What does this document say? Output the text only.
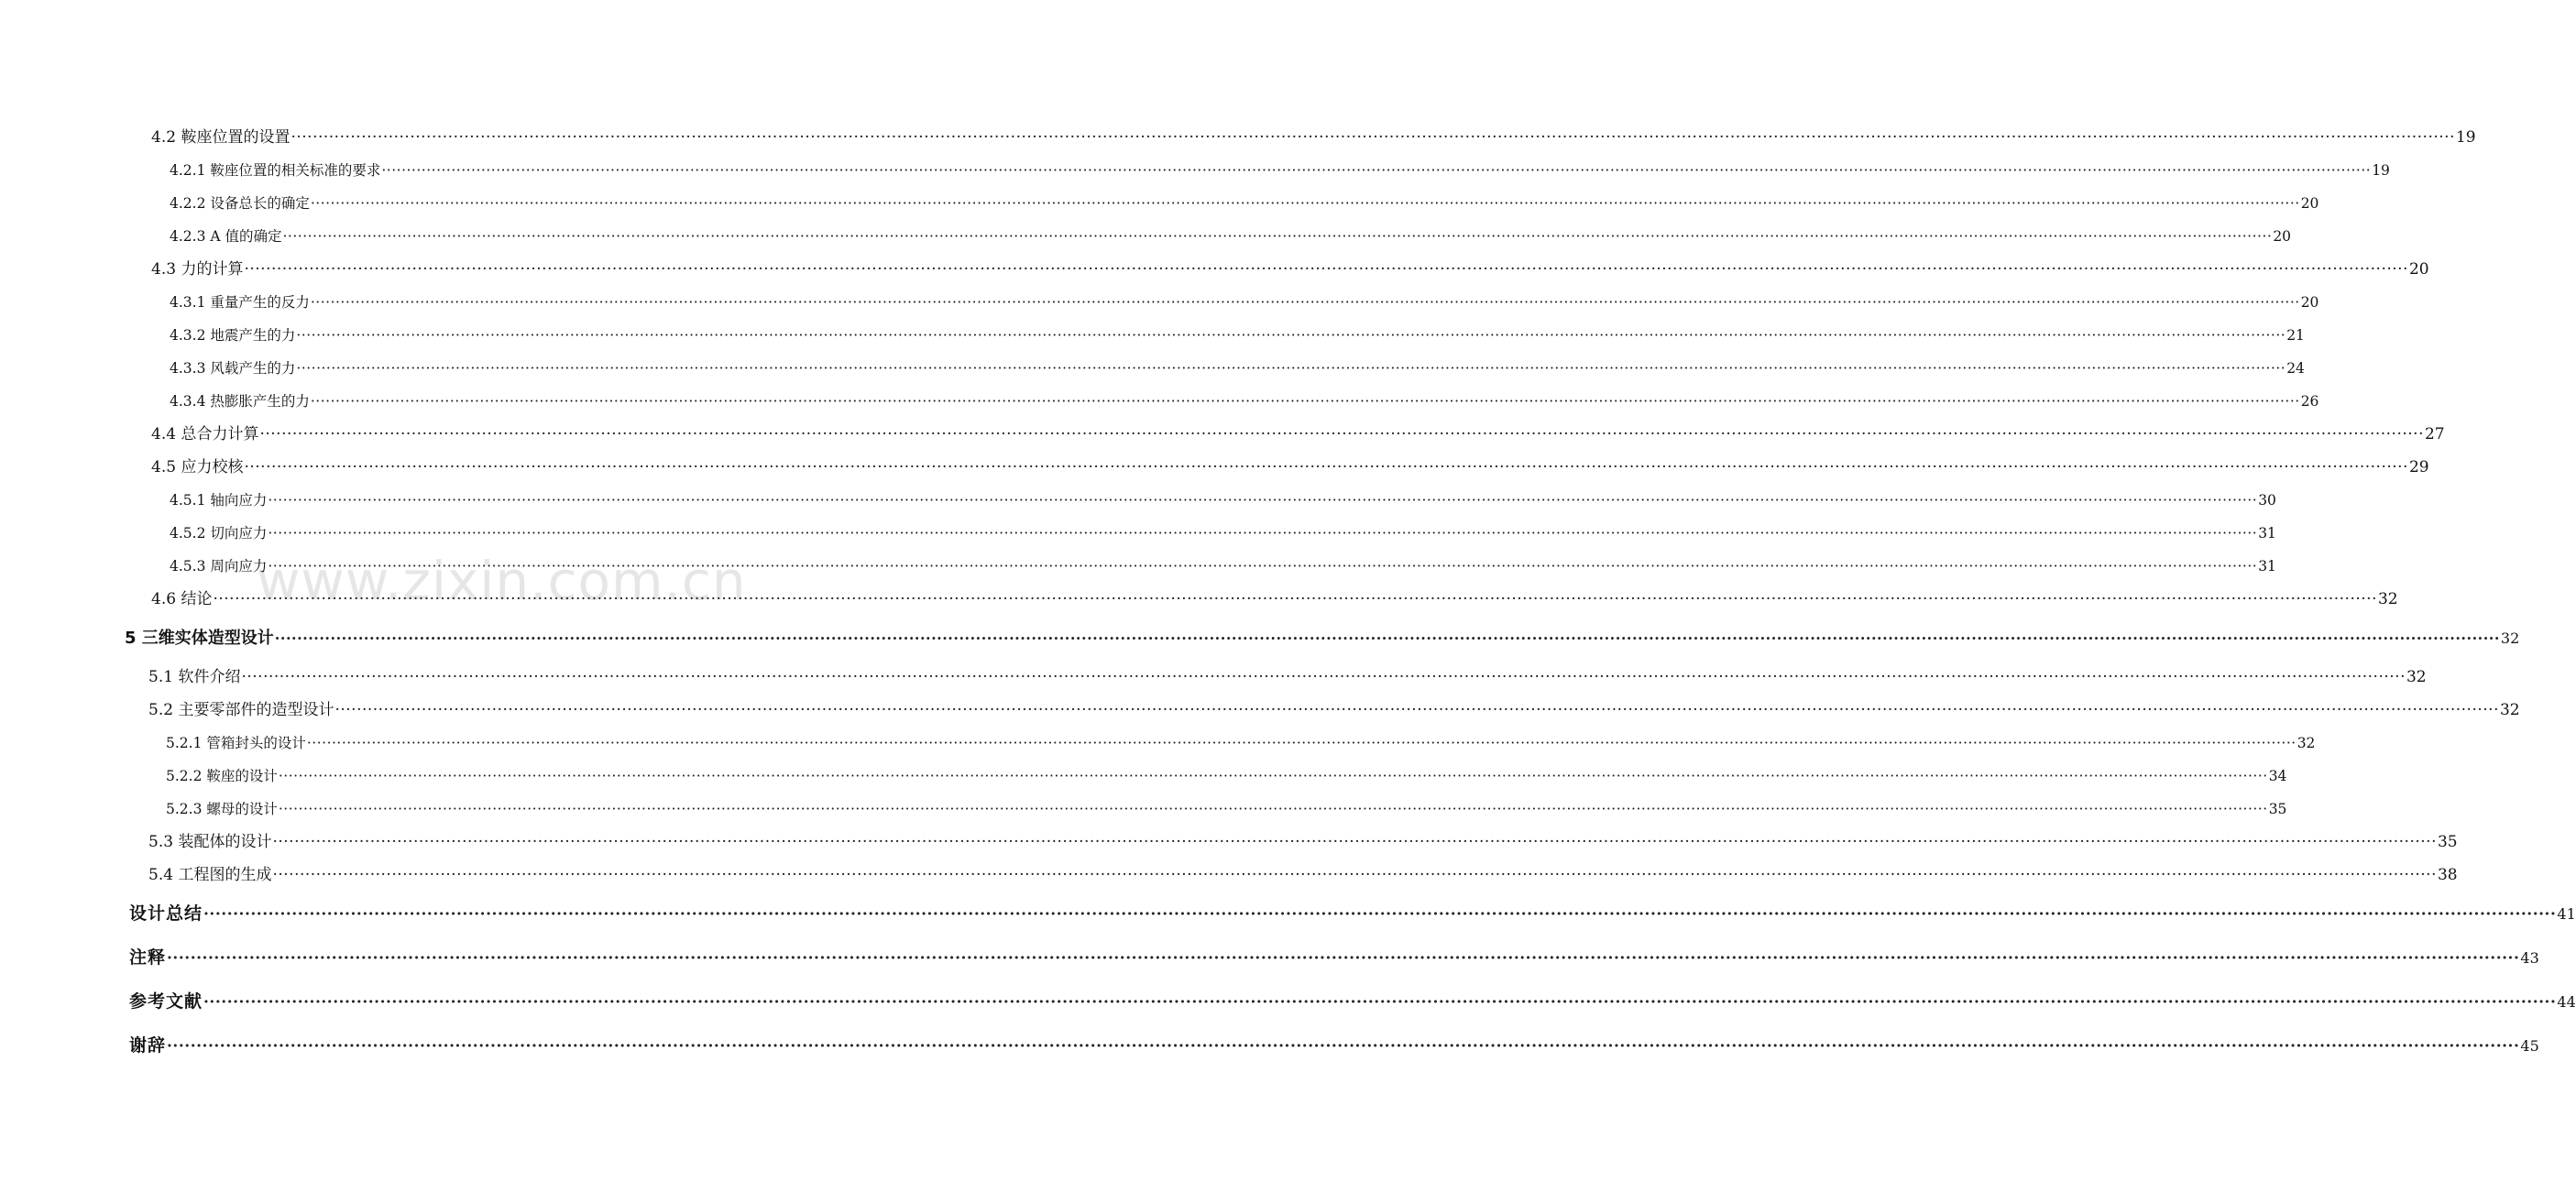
www.zixin.com.cn
4.2 鞍座位置的设置 ················································································································································································································································································································································································································ 19
4.2.1 鞍座位置的相关标准的要求 ················································································································································································································································································································································································································ 19
4.2.2 设备总长的确定 ················································································································································································································································································································································································································ 20
4.2.3 A 值的确定 ················································································································································································································································································································································································································ 20
4.3 力的计算 ················································································································································································································································································································································································································ 20
4.3.1 重量产生的反力 ················································································································································································································································································································································································································ 20
4.3.2 地震产生的力 ················································································································································································································································································································································································································ 21
4.3.3 风载产生的力 ················································································································································································································································································································································································································ 24
4.3.4 热膨胀产生的力 ················································································································································································································································································································································································································ 26
4.4 总合力计算 ················································································································································································································································································································································································································ 27
4.5 应力校核 ················································································································································································································································································································································································································ 29
4.5.1 轴向应力 ················································································································································································································································································································································································································ 30
4.5.2 切向应力 ················································································································································································································································································································································································································ 31
4.5.3 周向应力 ················································································································································································································································································································································································································ 31
4.6 结论 ················································································································································································································································································································································································································ 32
5 三维实体造型设计 ················································································································································································································································································································································································································ 32
5.1 软件介绍 ················································································································································································································································································································································································································ 32
5.2 主要零部件的造型设计 ················································································································································································································································································································································································································ 32
5.2.1 管箱封头的设计 ················································································································································································································································································································································································································ 32
5.2.2 鞍座的设计 ················································································································································································································································································································································································································ 34
5.2.3 螺母的设计 ················································································································································································································································································································································································································ 35
5.3 装配体的设计 ················································································································································································································································································································································································································ 35
5.4 工程图的生成 ················································································································································································································································································································································································································ 38
设计总结 ················································································································································································································································································································································································································ 41
注释 ················································································································································································································································································································································································································ 43
参考文献 ················································································································································································································································································································································································································ 44
谢辞 ················································································································································································································································································································································································································ 45
